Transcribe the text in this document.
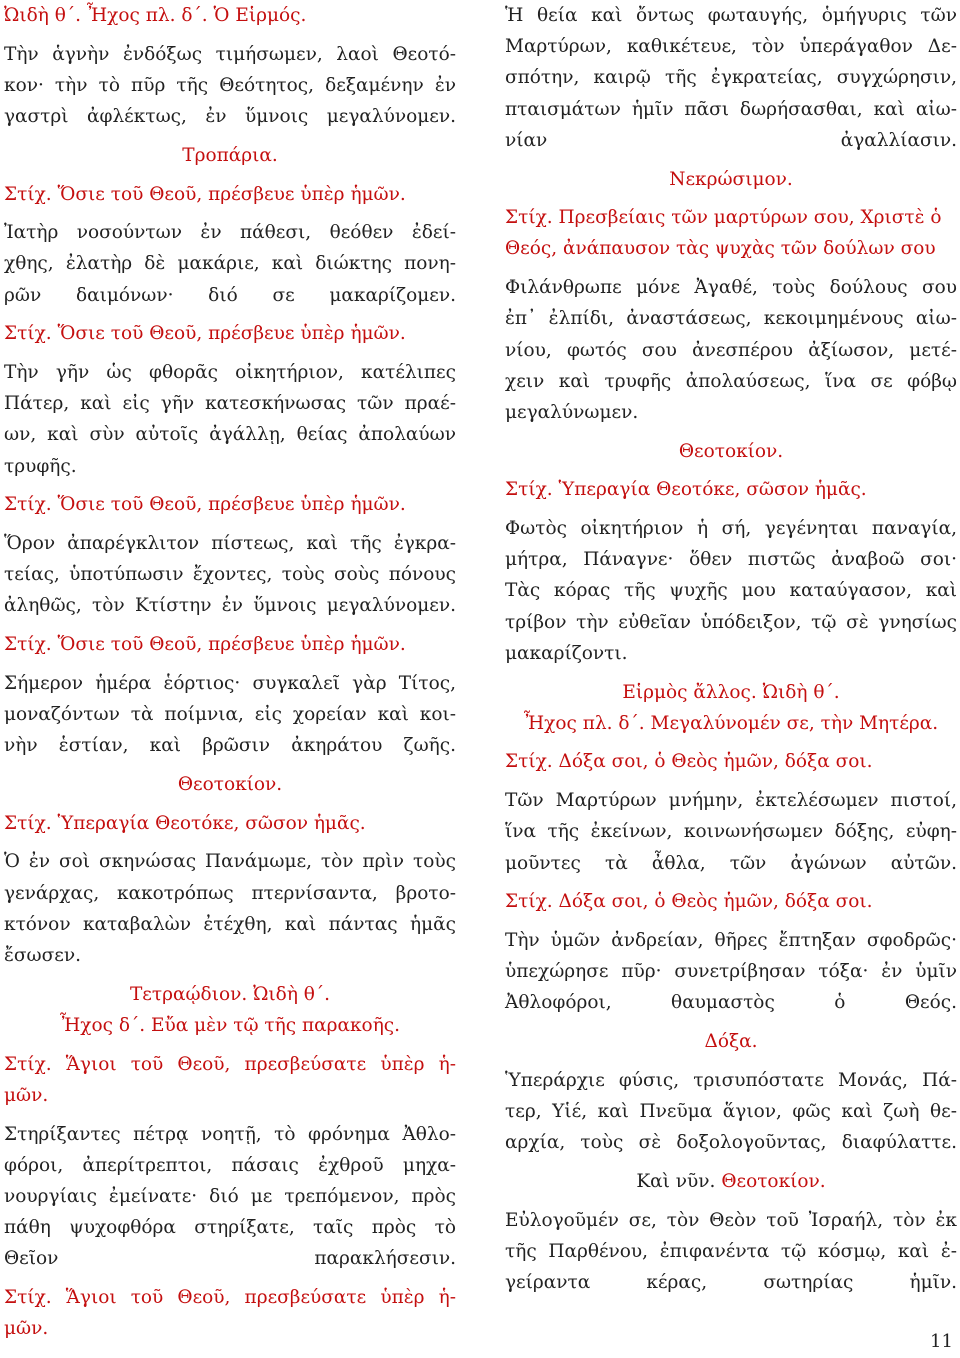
Ὠιδὴ θ΄. Ἦχος πλ. δ΄. Ὁ Εἱρμός.
Τὴν ἁγνὴν ἐνδόξως τιμήσωμεν, λαοὶ Θεοτό-
κον· τὴν τὸ πῦρ τῆς Θεότητος, δεξαμένην ἐν
γαστρὶ ἀφλέκτως, ἐν ὕμνοις μεγαλύνομεν.
Τροπάρια.
Στίχ. Ὅσιε τοῦ Θεοῦ, πρέσβευε ὑπὲρ ἡμῶν.
Ἰατὴρ νοσούντων ἐν πάθεσι, θεόθεν ἐδεί-
χθης, ἐλατὴρ δὲ μακάριε, καὶ διώκτης πονη-
ρῶν δαιμόνων· διό σε μακαρίζομεν.
Στίχ. Ὅσιε τοῦ Θεοῦ, πρέσβευε ὑπὲρ ἡμῶν.
Τὴν γῆν ὡς φθορᾶς οἰκητήριον, κατέλιπες
Πάτερ, καὶ εἰς γῆν κατεσκήνωσας τῶν πραέ-
ων, καὶ σὺν αὐτοῖς ἀγάλλῃ, θείας ἀπολαύων
τρυφῆς.
Στίχ. Ὅσιε τοῦ Θεοῦ, πρέσβευε ὑπὲρ ἡμῶν.
Ὅρον ἀπαρέγκλιτον πίστεως, καὶ τῆς ἐγκρα-
τείας, ὑποτύπωσιν ἔχοντες, τοὺς σοὺς πόνους
ἀληθῶς, τὸν Κτίστην ἐν ὕμνοις μεγαλύνομεν.
Στίχ. Ὅσιε τοῦ Θεοῦ, πρέσβευε ὑπὲρ ἡμῶν.
Σήμερον ἡμέρα ἑόρτιος· συγκαλεῖ γὰρ Τίτος,
μοναζόντων τὰ ποίμνια, εἰς χορείαν καὶ κοι-
νὴν ἑστίαν, καὶ βρῶσιν ἀκηράτου ζωῆς.
Θεοτοκίον.
Στίχ. Ὑπεραγία Θεοτόκε, σῶσον ἡμᾶς.
Ὁ ἐν σοὶ σκηνώσας Πανάμωμε, τὸν πρὶν τοὺς
γενάρχας, κακοτρόπως πτερνίσαντα, βροτο-
κτόνον καταβαλὼν ἐτέχθη, καὶ πάντας ἡμᾶς
ἔσωσεν.
Τετραῴδιον. Ὠιδὴ θ΄.
Ἦχος δ΄. Εὔα μὲν τῷ τῆς παρακοῆς.
Στίχ. Ἅγιοι τοῦ Θεοῦ, πρεσβεύσατε ὑπὲρ ἡ-
μῶν.
Στηρίξαντες πέτρᾳ νοητῇ, τὸ φρόνημα Ἀθλο-
φόροι, ἀπερίτρεπτοι, πάσαις ἐχθροῦ μηχα-
νουργίαις ἐμείνατε· διό με τρεπόμενον, πρὸς
πάθη ψυχοφθόρα στηρίξατε, ταῖς πρὸς τὸ
Θεῖον παρακλήσεσιν.
Στίχ. Ἅγιοι τοῦ Θεοῦ, πρεσβεύσατε ὑπὲρ ἡ-
μῶν.
Ἡ θεία καὶ ὄντως φωταυγής, ὁμήγυρις τῶν
Μαρτύρων, καθικέτευε, τὸν ὑπεράγαθον Δε-
σπότην, καιρῷ τῆς ἐγκρατείας, συγχώρησιν,
πταισμάτων ἡμῖν πᾶσι δωρήσασθαι, καὶ αἰω-
νίαν ἀγαλλίασιν.
Νεκρώσιμον.
Στίχ. Πρεσβείαις τῶν μαρτύρων σου, Χριστὲ ὁ
Θεός, ἀνάπαυσον τὰς ψυχὰς τῶν δούλων σου
Φιλάνθρωπε μόνε Ἀγαθέ, τοὺς δούλους σου
ἐπ᾿ ἐλπίδι, ἀναστάσεως, κεκοιμημένους αἰω-
νίου, φωτός σου ἀνεσπέρου ἀξίωσον, μετέ-
χειν καὶ τρυφῆς ἀπολαύσεως, ἵνα σε φόβῳ
μεγαλύνωμεν.
Θεοτοκίον.
Στίχ. Ὑπεραγία Θεοτόκε, σῶσον ἡμᾶς.
Φωτὸς οἰκητήριον ἡ σή, γεγένηται παναγία,
μήτρα, Πάναγνε· ὅθεν πιστῶς ἀναβοῶ σοι·
Τὰς κόρας τῆς ψυχῆς μου καταύγασον, καὶ
τρίβον τὴν εὐθεῖαν ὑπόδειξον, τῷ σὲ γνησίως
μακαρίζοντι.
Εἱρμὸς ἄλλος. Ὠιδὴ θ΄.
Ἦχος πλ. δ΄. Μεγαλύνομέν σε, τὴν Μητέρα.
Στίχ. Δόξα σοι, ὁ Θεὸς ἡμῶν, δόξα σοι.
Τῶν Μαρτύρων μνήμην, ἐκτελέσωμεν πιστοί,
ἵνα τῆς ἐκείνων, κοινωνήσωμεν δόξης, εὐφη-
μοῦντες τὰ ἆθλα, τῶν ἀγώνων αὐτῶν.
Στίχ. Δόξα σοι, ὁ Θεὸς ἡμῶν, δόξα σοι.
Τὴν ὑμῶν ἀνδρείαν, θῆρες ἔπτηξαν σφοδρῶς·
ὑπεχώρησε πῦρ· συνετρίβησαν τόξα· ἐν ὑμῖν
Ἀθλοφόροι, θαυμαστὸς ὁ Θεός.
Δόξα.
Ὑπεράρχιε φύσις, τρισυπόστατε Μονάς, Πά-
τερ, Υἱέ, καὶ Πνεῦμα ἅγιον, φῶς καὶ ζωὴ θε-
αρχία, τοὺς σὲ δοξολογοῦντας, διαφύλαττε.
Καὶ νῦν. Θεοτοκίον.
Εὐλογοῦμέν σε, τὸν Θεὸν τοῦ Ἰσραήλ, τὸν ἐκ
τῆς Παρθένου, ἐπιφανέντα τῷ κόσμῳ, καὶ ἐ-
γείραντα κέρας, σωτηρίας ἡμῖν.
11
